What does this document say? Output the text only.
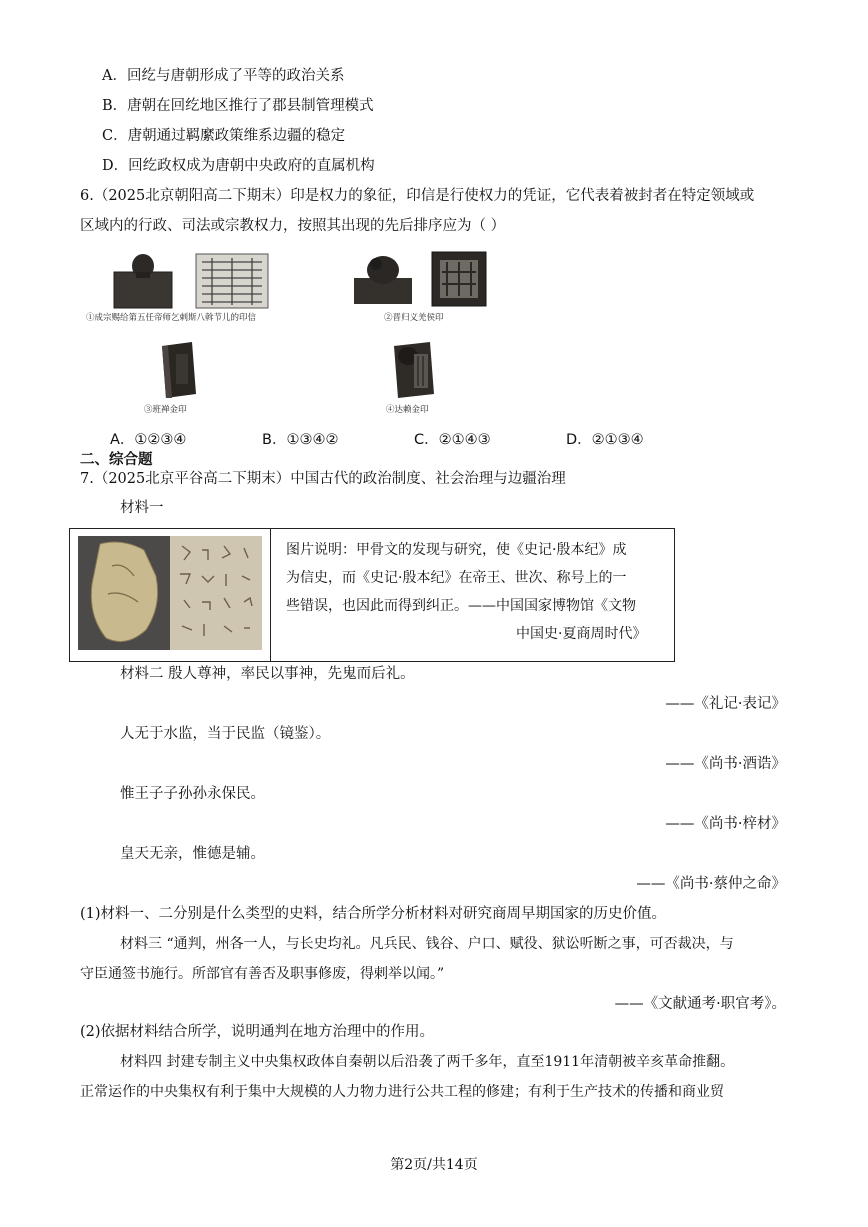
A．回纥与唐朝形成了平等的政治关系
B．唐朝在回纥地区推行了郡县制管理模式
C．唐朝通过羁縻政策维系边疆的稳定
D．回纥政权成为唐朝中央政府的直属机构
6.（2025北京朝阳高二下期末）印是权力的象征，印信是行使权力的凭证，它代表着被封者在特定领域或
区域内的行政、司法或宗教权力，按照其出现的先后排序应为（ ）
①成宗赐给第五任帝师乞剌斯八斡节儿的印信	②晋归义羌侯印
③班禅金印	④达赖金印
A．①②③④	B．①③④②	C．②①④③	D．②①③④
二、综合题
7.（2025北京平谷高二下期末）中国古代的政治制度、社会治理与边疆治理
材料一
图片说明：甲骨文的发现与研究，使《史记·殷本纪》成
为信史，而《史记·殷本纪》在帝王、世次、称号上的一
些错误，也因此而得到纠正。——中国国家博物馆《文物
中国史·夏商周时代》
材料二 殷人尊神，率民以事神，先鬼而后礼。
——《礼记·表记》
人无于水监，当于民监（镜鉴）。
——《尚书·酒诰》
惟王子子孙孙永保民。
——《尚书·梓材》
皇天无亲，惟德是辅。
——《尚书·蔡仲之命》
(1)材料一、二分别是什么类型的史料，结合所学分析材料对研究商周早期国家的历史价值。
材料三 “通判，州各一人，与长史均礼。凡兵民、钱谷、户口、赋役、狱讼听断之事，可否裁决，与
守臣通签书施行。所部官有善否及职事修废，得剌举以闻。”
——《文献通考·职官考》。
(2)依据材料结合所学，说明通判在地方治理中的作用。
材料四 封建专制主义中央集权政体自秦朝以后沿袭了两千多年，直至1911年清朝被辛亥革命推翻。
正常运作的中央集权有利于集中大规模的人力物力进行公共工程的修建；有利于生产技术的传播和商业贸
第2页/共14页
